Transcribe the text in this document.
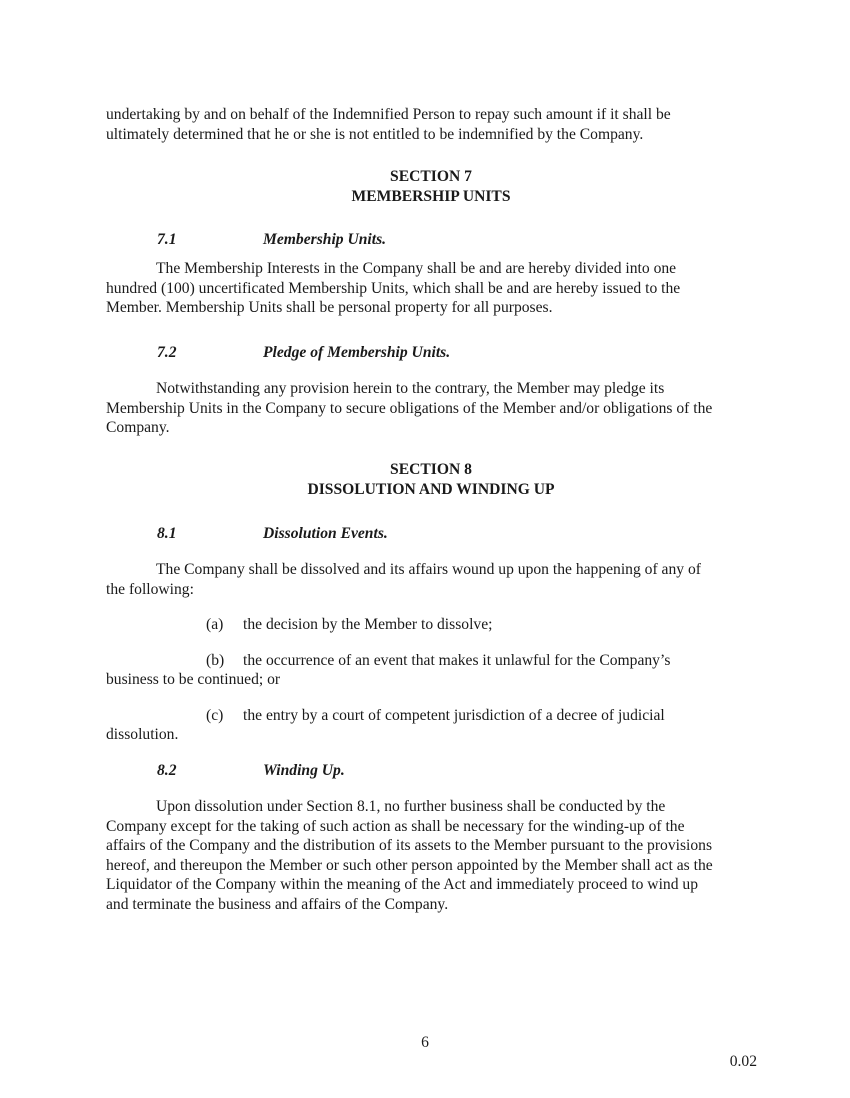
undertaking by and on behalf of the Indemnified Person to repay such amount if it shall be
ultimately determined that he or she is not entitled to be indemnified by the Company.
SECTION 7
MEMBERSHIP UNITS
7.1	Membership Units.
The Membership Interests in the Company shall be and are hereby divided into one
hundred (100) uncertificated Membership Units, which shall be and are hereby issued to the
Member. Membership Units shall be personal property for all purposes.
7.2	Pledge of Membership Units.
Notwithstanding any provision herein to the contrary, the Member may pledge its
Membership Units in the Company to secure obligations of the Member and/or obligations of the
Company.
SECTION 8
DISSOLUTION AND WINDING UP
8.1	Dissolution Events.
The Company shall be dissolved and its affairs wound up upon the happening of any of
the following:
(a) the decision by the Member to dissolve;
(b) the occurrence of an event that makes it unlawful for the Company’s
business to be continued; or
(c) the entry by a court of competent jurisdiction of a decree of judicial
dissolution.
8.2	Winding Up.
Upon dissolution under Section 8.1, no further business shall be conducted by the
Company except for the taking of such action as shall be necessary for the winding-up of the
affairs of the Company and the distribution of its assets to the Member pursuant to the provisions
hereof, and thereupon the Member or such other person appointed by the Member shall act as the
Liquidator of the Company within the meaning of the Act and immediately proceed to wind up
and terminate the business and affairs of the Company.
6
0.02
